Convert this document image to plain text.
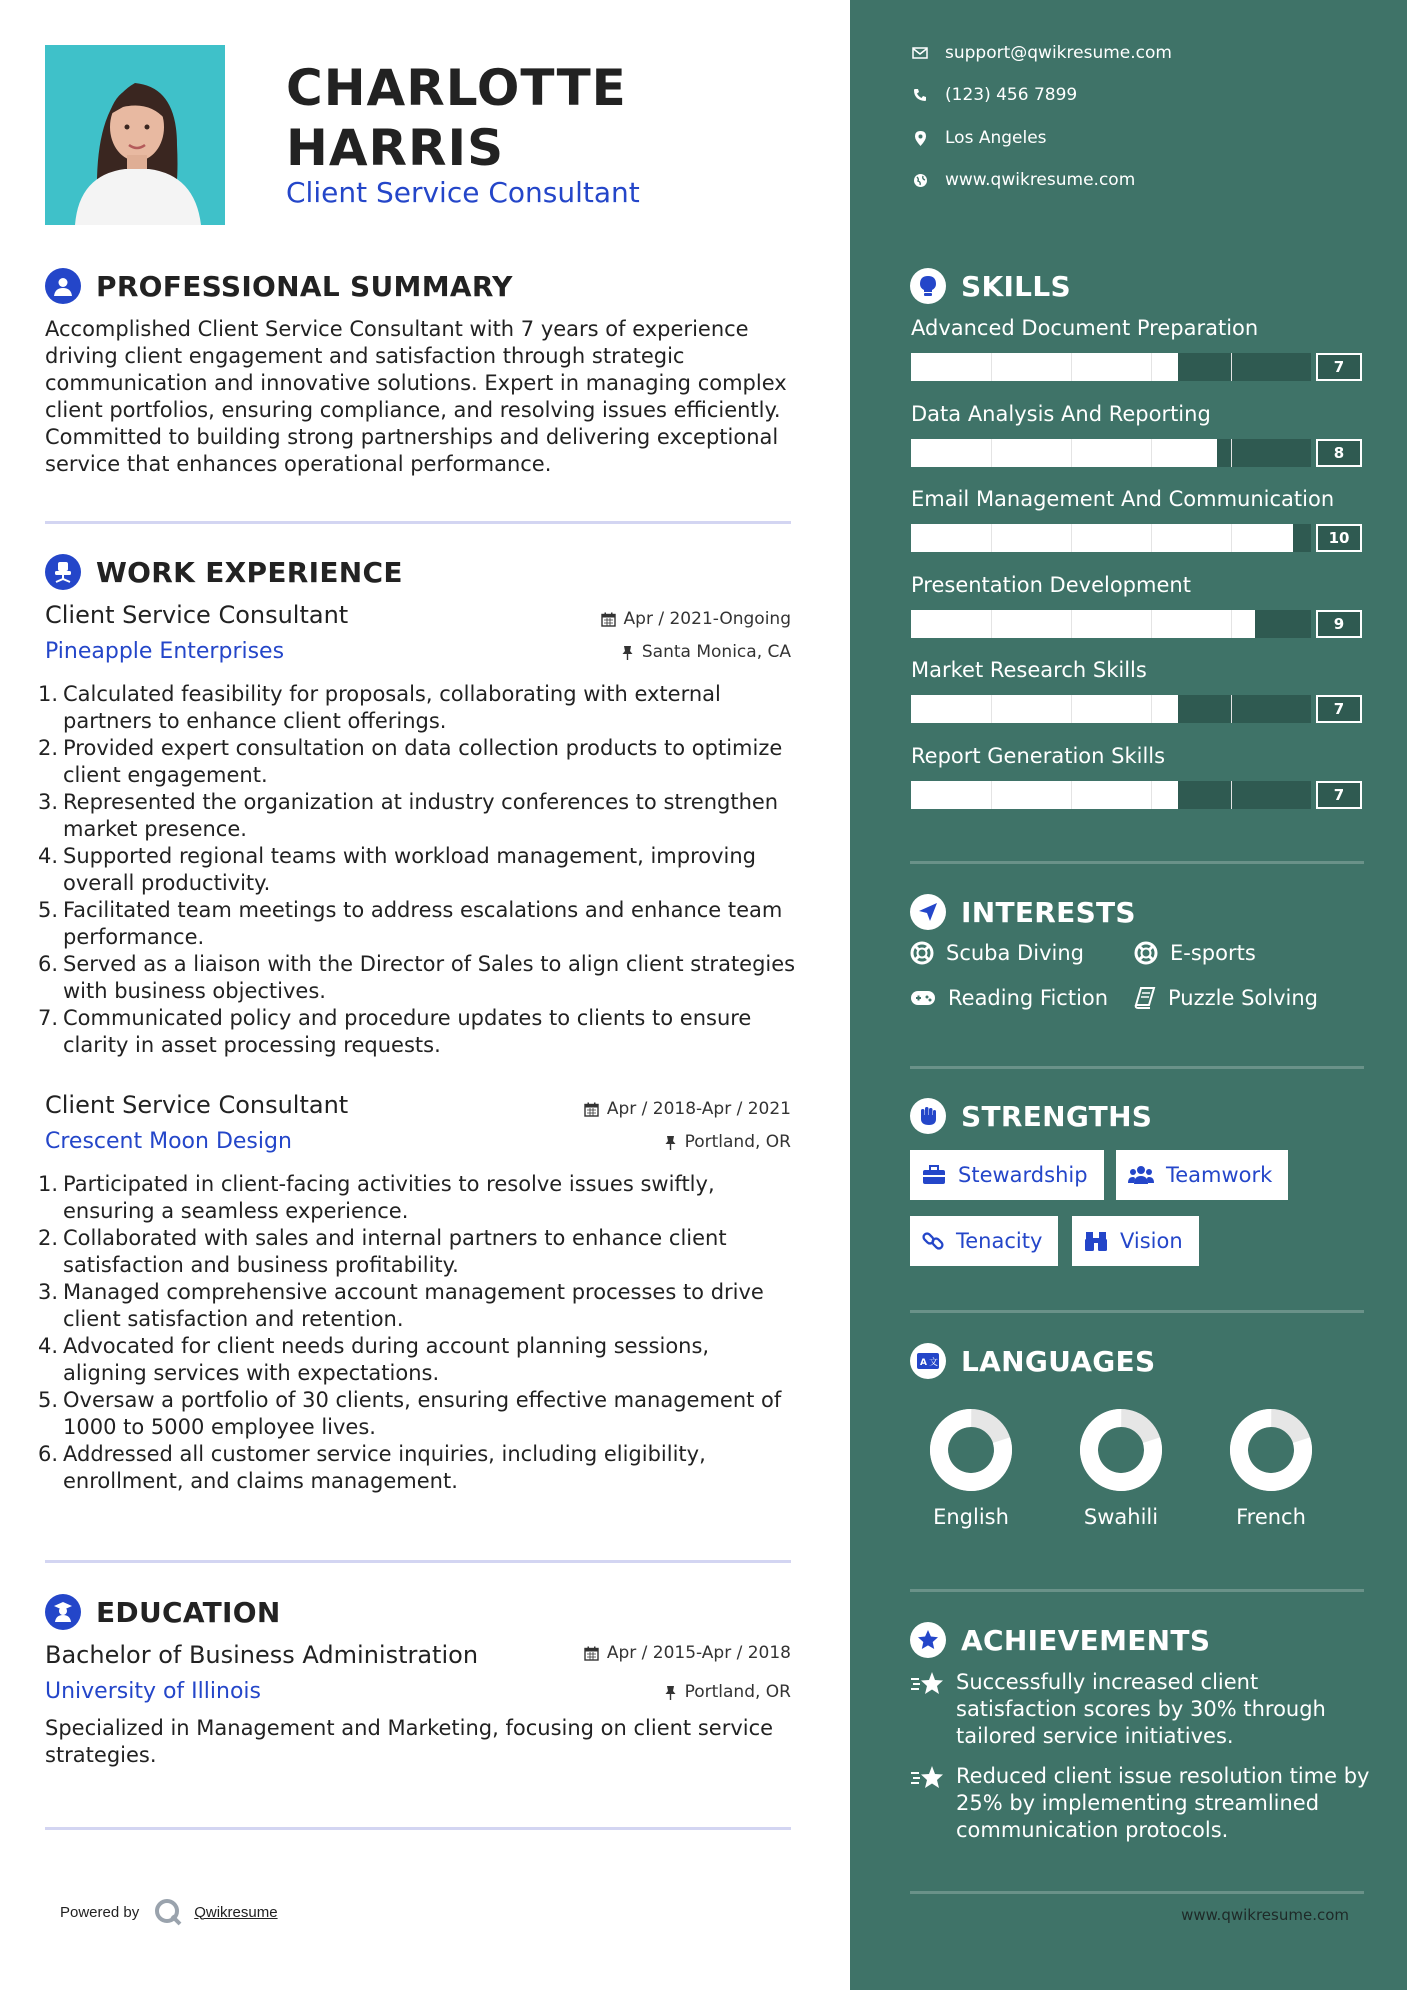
CHARLOTTE
HARRIS
Client Service Consultant
PROFESSIONAL SUMMARY
Accomplished Client Service Consultant with 7 years of experience driving client engagement and satisfaction through strategic communication and innovative solutions. Expert in managing complex client portfolios, ensuring compliance, and resolving issues efficiently. Committed to building strong partnerships and delivering exceptional service that enhances operational performance.
WORK EXPERIENCE
Client Service Consultant	Apr / 2021-Ongoing
Pineapple Enterprises	Santa Monica, CA
1. Calculated feasibility for proposals, collaborating with external partners to enhance client offerings.
2. Provided expert consultation on data collection products to optimize client engagement.
3. Represented the organization at industry conferences to strengthen market presence.
4. Supported regional teams with workload management, improving overall productivity.
5. Facilitated team meetings to address escalations and enhance team performance.
6. Served as a liaison with the Director of Sales to align client strategies with business objectives.
7. Communicated policy and procedure updates to clients to ensure clarity in asset processing requests.
Client Service Consultant	Apr / 2018-Apr / 2021
Crescent Moon Design	Portland, OR
1. Participated in client-facing activities to resolve issues swiftly, ensuring a seamless experience.
2. Collaborated with sales and internal partners to enhance client satisfaction and business profitability.
3. Managed comprehensive account management processes to drive client satisfaction and retention.
4. Advocated for client needs during account planning sessions, aligning services with expectations.
5. Oversaw a portfolio of 30 clients, ensuring effective management of 1000 to 5000 employee lives.
6. Addressed all customer service inquiries, including eligibility, enrollment, and claims management.
EDUCATION
Bachelor of Business Administration	Apr / 2015-Apr / 2018
University of Illinois	Portland, OR
Specialized in Management and Marketing, focusing on client service strategies.
Powered by	Qwikresume
support@qwikresume.com
(123) 456 7899
Los Angeles
www.qwikresume.com
SKILLS
Advanced Document Preparation
7
Data Analysis And Reporting
8
Email Management And Communication
10
Presentation Development
9
Market Research Skills
7
Report Generation Skills
7
INTERESTS
Scuba Diving	E-sports
Reading Fiction	Puzzle Solving
STRENGTHS
Stewardship	Teamwork
Tenacity	Vision
A 文 LANGUAGES
English	Swahili	French
ACHIEVEMENTS
Successfully increased client satisfaction scores by 30% through tailored service initiatives.
Reduced client issue resolution time by 25% by implementing streamlined communication protocols.
www.qwikresume.com
